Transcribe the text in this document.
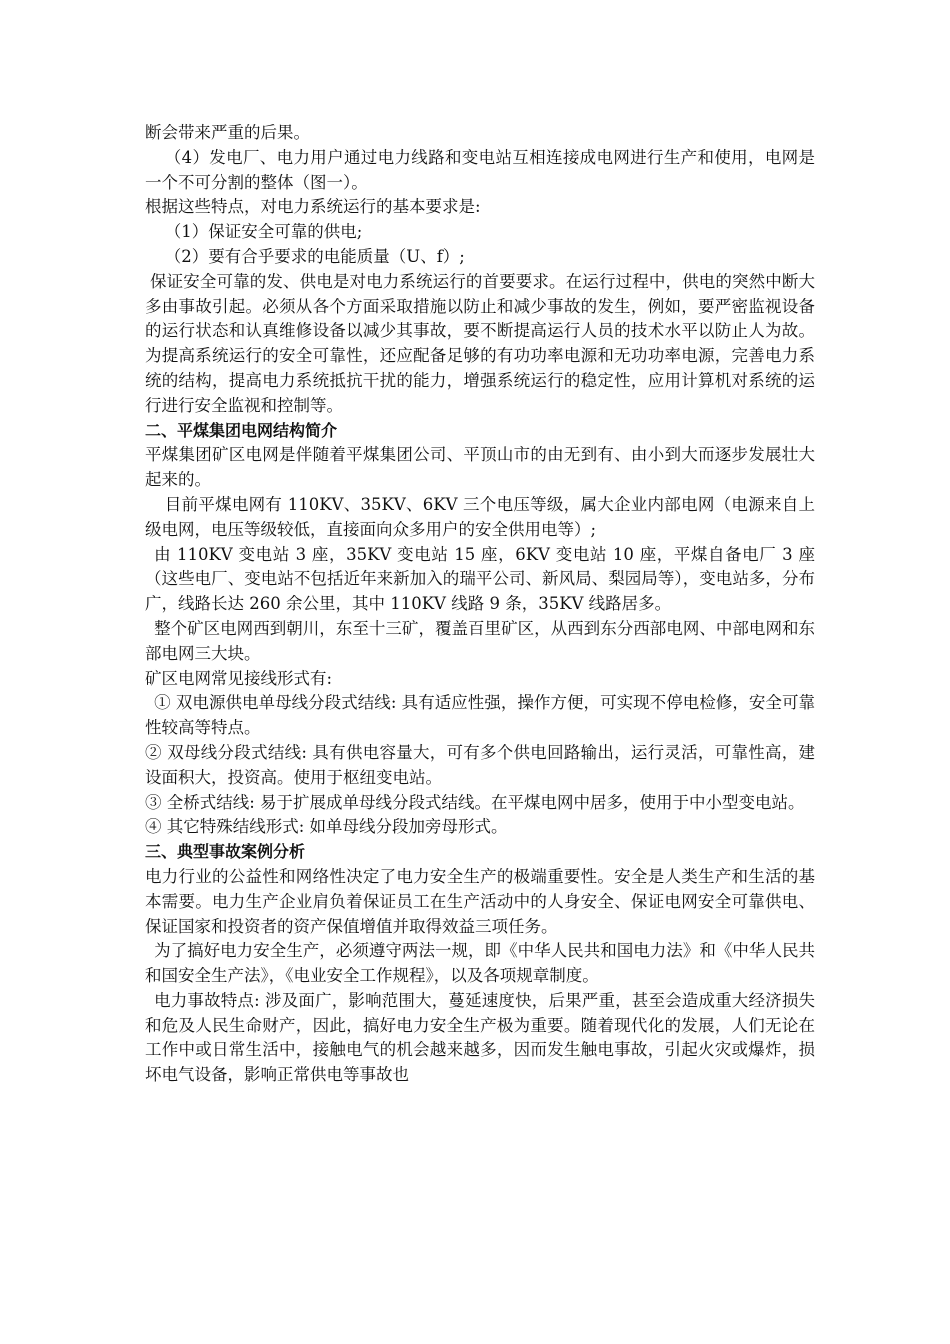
断会带来严重的后果。

（4）发电厂、电力用户通过电力线路和变电站互相连接成电网进行生产和使用，电网是一个不可分割的整体（图一）。

根据这些特点，对电力系统运行的基本要求是:

（1）保证安全可靠的供电;

（2）要有合乎要求的电能质量（U、f）;

保证安全可靠的发、供电是对电力系统运行的首要要求。在运行过程中，供电的突然中断大多由事故引起。必须从各个方面采取措施以防止和减少事故的发生，例如，要严密监视设备的运行状态和认真维修设备以减少其事故，要不断提高运行人员的技术水平以防止人为故。为提高系统运行的安全可靠性，还应配备足够的有功功率电源和无功功率电源，完善电力系统的结构，提高电力系统抵抗干扰的能力，增强系统运行的稳定性，应用计算机对系统的运行进行安全监视和控制等。

二、平煤集团电网结构简介

平煤集团矿区电网是伴随着平煤集团公司、平顶山市的由无到有、由小到大而逐步发展壮大起来的。

目前平煤电网有 110KV、35KV、6KV 三个电压等级，属大企业内部电网（电源来自上级电网，电压等级较低，直接面向众多用户的安全供用电等）;

由 110KV 变电站 3 座，35KV 变电站 15 座，6KV 变电站 10 座，平煤自备电厂 3 座（这些电厂、变电站不包括近年来新加入的瑞平公司、新风局、梨园局等），变电站多，分布广，线路长达 260 余公里，其中 110KV 线路 9 条，35KV 线路居多。

整个矿区电网西到朝川，东至十三矿，覆盖百里矿区，从西到东分西部电网、中部电网和东部电网三大块。

矿区电网常见接线形式有:

① 双电源供电单母线分段式结线: 具有适应性强，操作方便，可实现不停电检修，安全可靠性较高等特点。

② 双母线分段式结线: 具有供电容量大，可有多个供电回路输出，运行灵活，可靠性高，建设面积大，投资高。使用于枢纽变电站。

③ 全桥式结线: 易于扩展成单母线分段式结线。在平煤电网中居多，使用于中小型变电站。

④ 其它特殊结线形式: 如单母线分段加旁母形式。

三、典型事故案例分析

电力行业的公益性和网络性决定了电力安全生产的极端重要性。安全是人类生产和生活的基本需要。电力生产企业肩负着保证员工在生产活动中的人身安全、保证电网安全可靠供电、保证国家和投资者的资产保值增值并取得效益三项任务。

为了搞好电力安全生产，必须遵守两法一规，即《中华人民共和国电力法》和《中华人民共和国安全生产法》，《电业安全工作规程》，以及各项规章制度。

电力事故特点: 涉及面广，影响范围大，蔓延速度快，后果严重，甚至会造成重大经济损失和危及人民生命财产，因此，搞好电力安全生产极为重要。随着现代化的发展，人们无论在工作中或日常生活中，接触电气的机会越来越多，因而发生触电事故，引起火灾或爆炸，损坏电气设备，影响正常供电等事故也
